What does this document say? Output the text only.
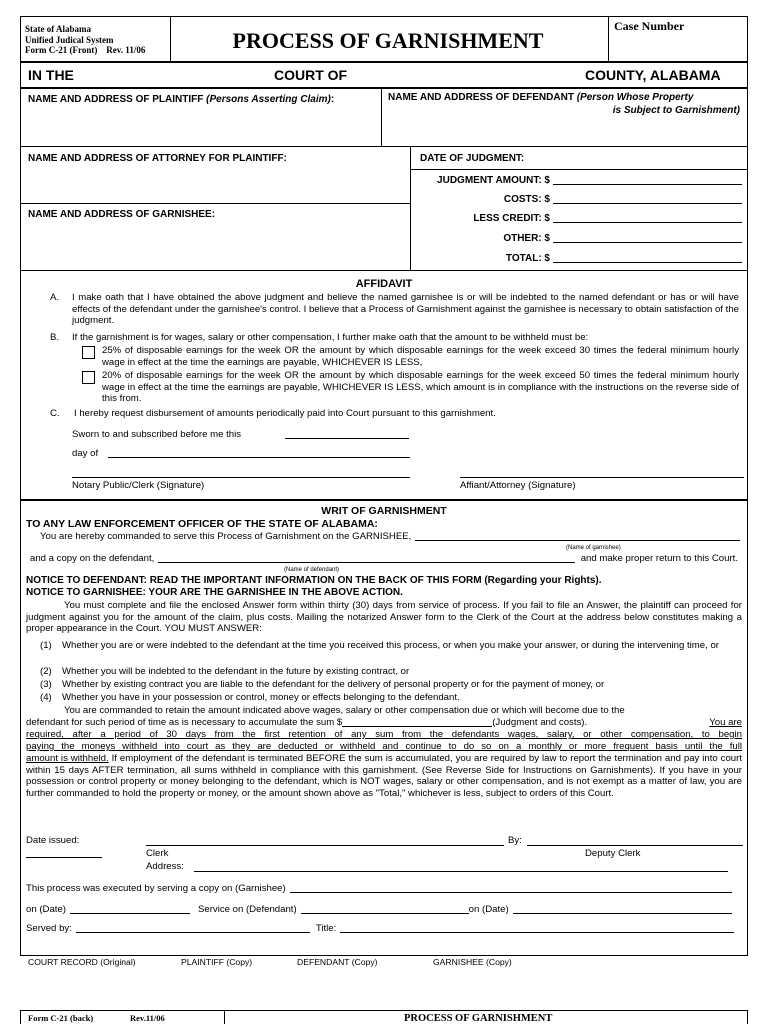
State of Alabama
Unified Judical System
Form C-21 (Front)    Rev. 11/06	PROCESS OF GARNISHMENT
Case Number
IN THE	COURT OF	COUNTY, ALABAMA
NAME AND ADDRESS OF PLAINTIFF (Persons Asserting Claim):	NAME AND ADDRESS OF DEFENDANT (Person Whose Property
is Subject to Garnishment)
NAME AND ADDRESS OF ATTORNEY FOR PLAINTIFF:
NAME AND ADDRESS OF GARNISHEE:
DATE OF JUDGMENT:
JUDGMENT AMOUNT: $
COSTS: $
LESS CREDIT: $
OTHER: $
TOTAL: $
AFFIDAVIT
A. I make oath that I have obtained the above judgment and believe the named garnishee is or will be indebted to the named defendant or has or will have effects of the defendant under the garnishee's control. I believe that a Process of Garnishment against the garnishee is necessary to obtain satisfaction of the judgment.
B. If the garnishment is for wages, salary or other compensation, I further make oath that the amount to be withheld must be:
25% of disposable earnings for the week OR the amount by which disposable earnings for the week exceed 30 times the federal minimum hourly wage in effect at the time the earnings are payable, WHICHEVER IS LESS,
20% of disposable earnings for the week OR the amount by which disposable earnings for the week exceed 50 times the federal minimum hourly wage in effect at the time the earnings are payable, WHICHEVER IS LESS, which amount is in compliance with the instructions on the reverse side of this from.
C. I hereby request disbursement of amounts periodically paid into Court pursuant to this garnishment.
Sworn to and subscribed before me this
day of
Notary Public/Clerk (Signature)	Affiant/Attorney (Signature)
WRIT OF GARNISHMENT
TO ANY LAW ENFORCEMENT OFFICER OF THE STATE OF ALABAMA:
You are hereby commanded to serve this Process of Garnishment on the GARNISHEE,
(Name of garnishee)
and a copy on the defendant,	and make proper return to this Court.
(Name of defendant)
NOTICE TO DEFENDANT: READ THE IMPORTANT INFORMATION ON THE BACK OF THIS FORM (Regarding your Rights).
NOTICE TO GARNISHEE: YOUR ARE THE GARNISHEE IN THE ABOVE ACTION.
You must complete and file the enclosed Answer form within thirty (30) days from service of process. If you fail to file an Answer, the plaintiff can proceed for judgment against you for the amount of the claim, plus costs. Mailing the notarized Answer form to the Clerk of the Court at the address below constitutes making a proper appearance in the Court. YOU MUST ANSWER:
(1) Whether you are or were indebted to the defendant at the time you received this process, or when you make your answer, or during the intervening time, or
(2) Whether you will be indebted to the defendant in the future by existing contract, or
(3) Whether by existing contract you are liable to the defendant for the delivery of personal property or for the payment of money, or
(4) Whether you have in your possession or control, money or effects belonging to the defendant.
You are commanded to retain the amount indicated above wages, salary or other compensation due or which will become due to the
defendant for such period of time as is necessary to accumulate the sum $	(Judgment and costs).	You are
required, after a period of 30 days from the first retention of any sum from the defendants wages, salary, or other compensation, to begin
paying the moneys withheld into court as they are deducted or withheld and continue to do so on a monthly or more frequent basis until the full
amount is withheld. If employment of the defendant is terminated BEFORE the sum is accumulated, you are required by law to report the termination and pay into court within 15 days AFTER termination, all sums withheld in compliance with this garnishment. (See Reverse Side for Instructions on Garnishments). If you have in your possession or control property or money belonging to the defendant, which is NOT wages, salary or other compensation, and is not exempt as a matter of law, you are further commanded to hold the property or money, or the amount shown above as "Total," whichever is less, subject to orders of this Court.
Date issued:	By:
Clerk	Deputy Clerk
Address:
This process was executed by serving a copy on (Garnishee)
on (Date)	Service on (Defendant)	on (Date)
Served by:	Title:
COURT RECORD (Original)	PLAINTIFF (Copy)	DEFENDANT (Copy)	GARNISHEE (Copy)
Form C-21 (back)	Rev.11/06	PROCESS OF GARNISHMENT
